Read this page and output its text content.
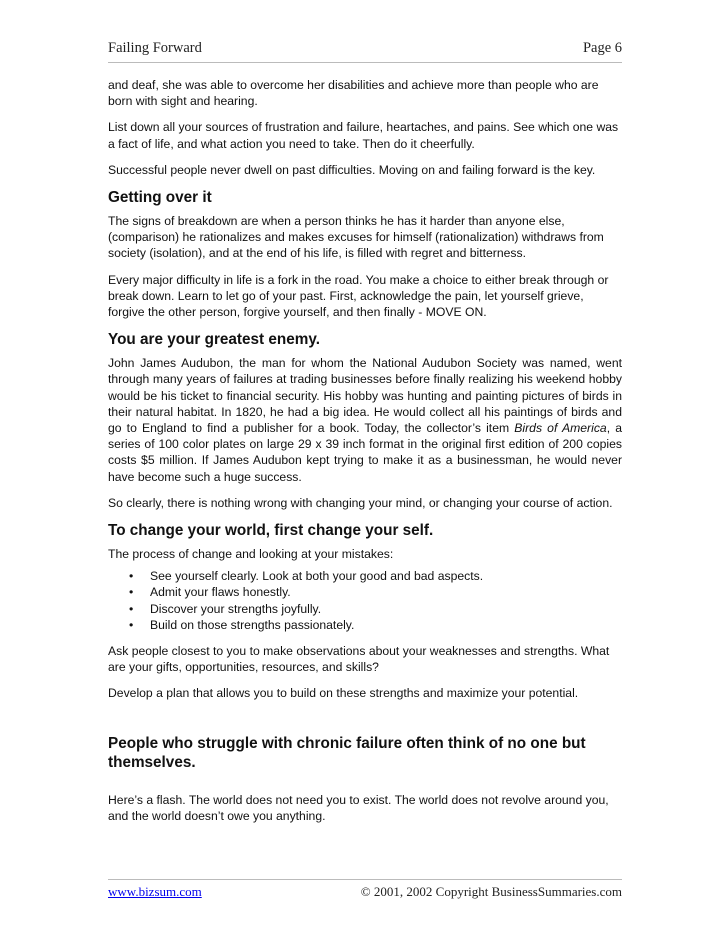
Failing Forward	Page 6

and deaf, she was able to overcome her disabilities and achieve more than people who are born with sight and hearing.

List down all your sources of frustration and failure, heartaches, and pains. See which one was a fact of life, and what action you need to take. Then do it cheerfully.

Successful people never dwell on past difficulties. Moving on and failing forward is the key.

Getting over it

The signs of breakdown are when a person thinks he has it harder than anyone else, (comparison) he rationalizes and makes excuses for himself (rationalization) withdraws from society (isolation), and at the end of his life, is filled with regret and bitterness.

Every major difficulty in life is a fork in the road. You make a choice to either break through or break down. Learn to let go of your past. First, acknowledge the pain, let yourself grieve, forgive the other person, forgive yourself, and then finally - MOVE ON.

You are your greatest enemy.

John James Audubon, the man for whom the National Audubon Society was named, went through many years of failures at trading businesses before finally realizing his weekend hobby would be his ticket to financial security. His hobby was hunting and painting pictures of birds in their natural habitat. In 1820, he had a big idea. He would collect all his paintings of birds and go to England to find a publisher for a book. Today, the collector’s item Birds of America, a series of 100 color plates on large 29 x 39 inch format in the original first edition of 200 copies costs $5 million. If James Audubon kept trying to make it as a businessman, he would never have become such a huge success.

So clearly, there is nothing wrong with changing your mind, or changing your course of action.

To change your world, first change your self.

The process of change and looking at your mistakes:

• See yourself clearly. Look at both your good and bad aspects.
• Admit your flaws honestly.
• Discover your strengths joyfully.
• Build on those strengths passionately.

Ask people closest to you to make observations about your weaknesses and strengths. What are your gifts, opportunities, resources, and skills?

Develop a plan that allows you to build on these strengths and maximize your potential.

People who struggle with chronic failure often think of no one but themselves.

Here’s a flash. The world does not need you to exist. The world does not revolve around you, and the world doesn’t owe you anything.

www.bizsum.com	© 2001, 2002 Copyright BusinessSummaries.com
